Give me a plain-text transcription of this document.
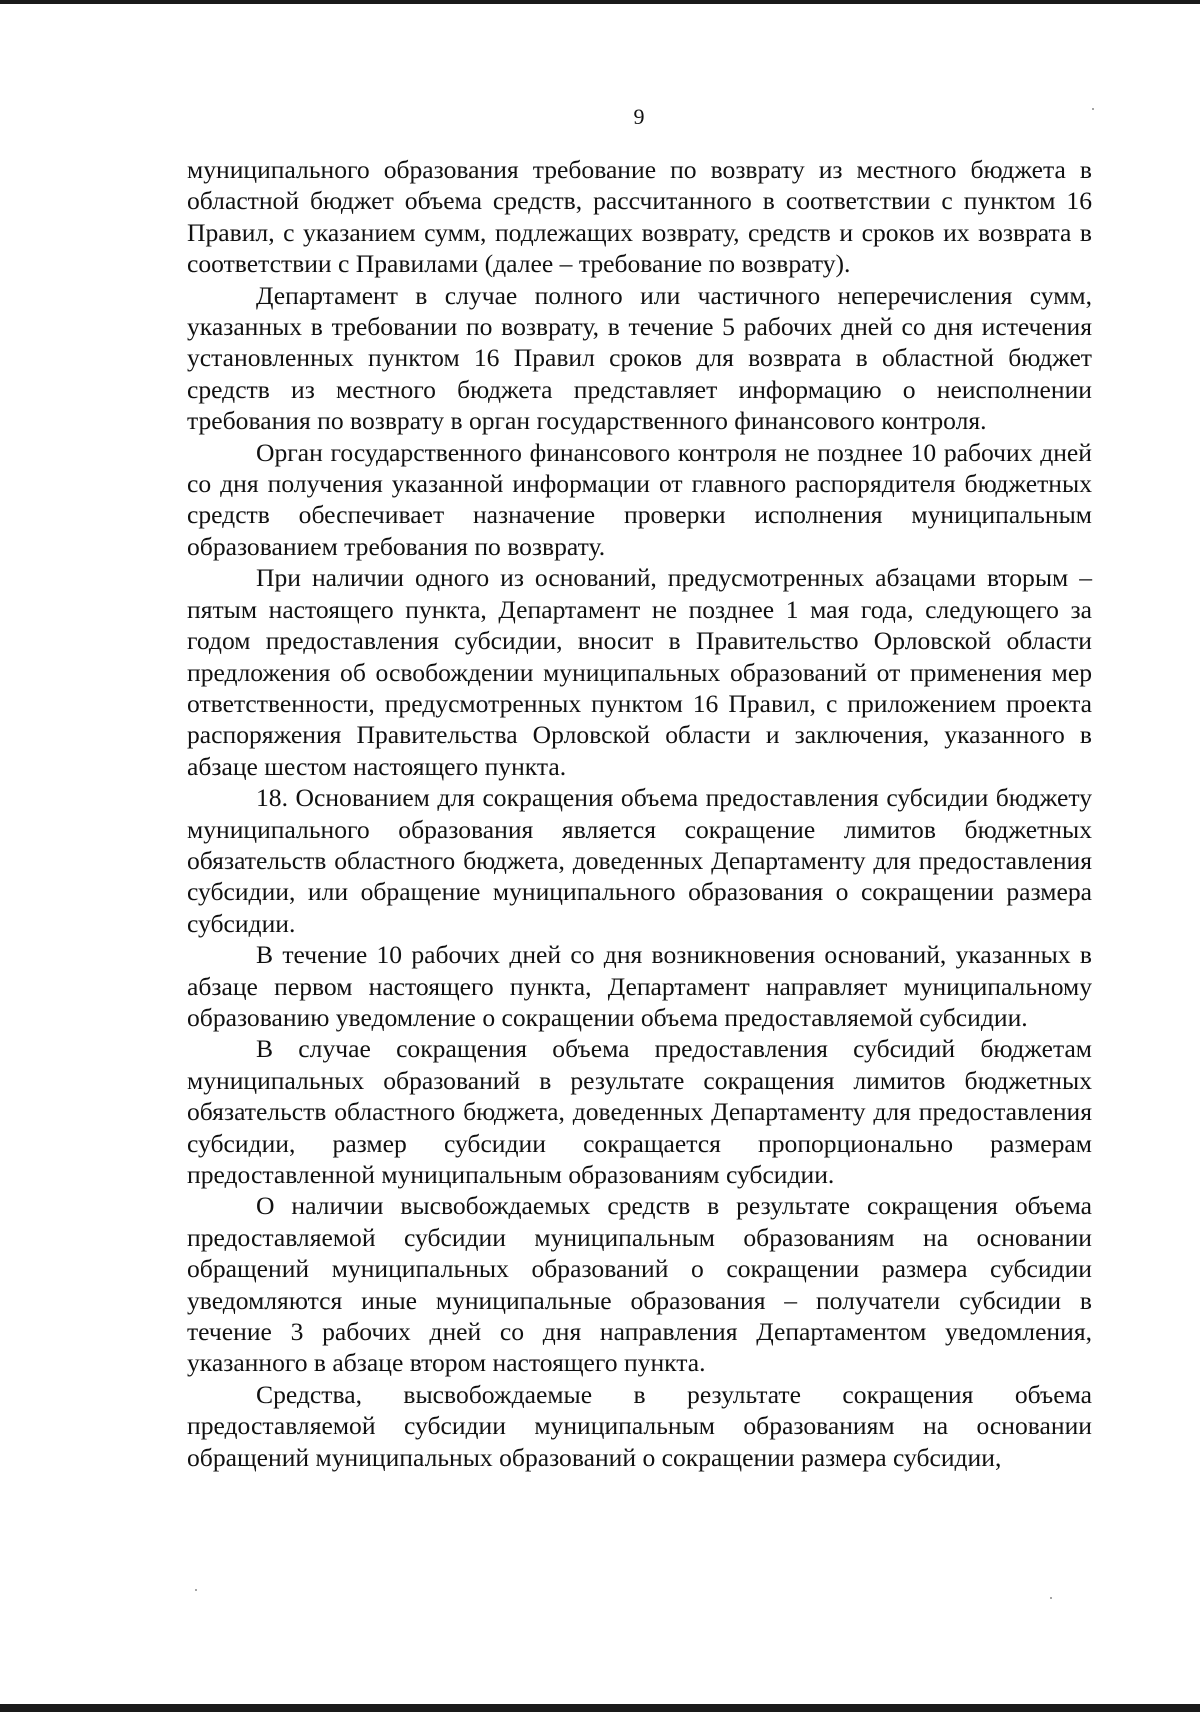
9

муниципального образования требование по возврату из местного бюджета в областной бюджет объема средств, рассчитанного в соответствии с пунктом 16 Правил, с указанием сумм, подлежащих возврату, средств и сроков их возврата в соответствии с Правилами (далее – требование по возврату).

Департамент в случае полного или частичного неперечисления сумм, указанных в требовании по возврату, в течение 5 рабочих дней со дня истечения установленных пунктом 16 Правил сроков для возврата в областной бюджет средств из местного бюджета представляет информацию о неисполнении требования по возврату в орган государственного финансового контроля.

Орган государственного финансового контроля не позднее 10 рабочих дней со дня получения указанной информации от главного распорядителя бюджетных средств обеспечивает назначение проверки исполнения муниципальным образованием требования по возврату.

При наличии одного из оснований, предусмотренных абзацами вторым – пятым настоящего пункта, Департамент не позднее 1 мая года, следующего за годом предоставления субсидии, вносит в Правительство Орловской области предложения об освобождении муниципальных образований от применения мер ответственности, предусмотренных пунктом 16 Правил, с приложением проекта распоряжения Правительства Орловской области и заключения, указанного в абзаце шестом настоящего пункта.

18. Основанием для сокращения объема предоставления субсидии бюджету муниципального образования является сокращение лимитов бюджетных обязательств областного бюджета, доведенных Департаменту для предоставления субсидии, или обращение муниципального образования о сокращении размера субсидии.

В течение 10 рабочих дней со дня возникновения оснований, указанных в абзаце первом настоящего пункта, Департамент направляет муниципальному образованию уведомление о сокращении объема предоставляемой субсидии.

В случае сокращения объема предоставления субсидий бюджетам муниципальных образований в результате сокращения лимитов бюджетных обязательств областного бюджета, доведенных Департаменту для предоставления субсидии, размер субсидии сокращается пропорционально размерам предоставленной муниципальным образованиям субсидии.

О наличии высвобождаемых средств в результате сокращения объема предоставляемой субсидии муниципальным образованиям на основании обращений муниципальных образований о сокращении размера субсидии уведомляются иные муниципальные образования – получатели субсидии в течение 3 рабочих дней со дня направления Департаментом уведомления, указанного в абзаце втором настоящего пункта.

Средства, высвобождаемые в результате сокращения объема предоставляемой субсидии муниципальным образованиям на основании обращений муниципальных образований о сокращении размера субсидии,
